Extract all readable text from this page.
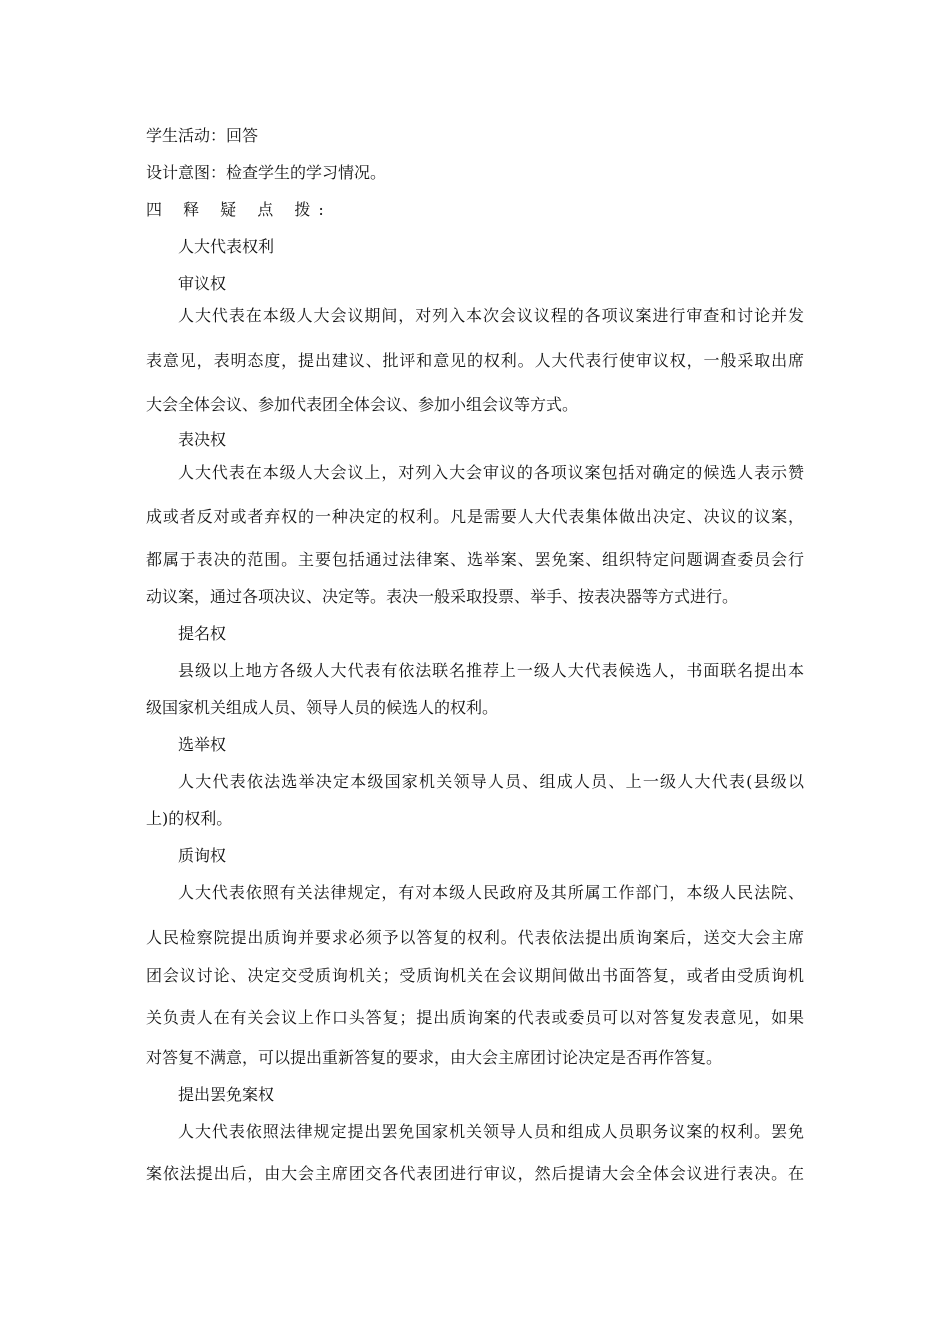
学生活动：回答
设计意图：检查学生的学习情况。
四 释 疑 点 拨:
人大代表权利
审议权
人大代表在本级人大会议期间，对列入本次会议议程的各项议案进行审查和讨论并发
表意见，表明态度，提出建议、批评和意见的权利。人大代表行使审议权，一般采取出席
大会全体会议、参加代表团全体会议、参加小组会议等方式。
表决权
人大代表在本级人大会议上，对列入大会审议的各项议案包括对确定的候选人表示赞
成或者反对或者弃权的一种决定的权利。凡是需要人大代表集体做出决定、决议的议案，
都属于表决的范围。主要包括通过法律案、选举案、罢免案、组织特定问题调查委员会行
动议案，通过各项决议、决定等。表决一般采取投票、举手、按表决器等方式进行。
提名权
县级以上地方各级人大代表有依法联名推荐上一级人大代表候选人，书面联名提出本
级国家机关组成人员、领导人员的候选人的权利。
选举权
人大代表依法选举决定本级国家机关领导人员、组成人员、上一级人大代表(县级以
上)的权利。
质询权
人大代表依照有关法律规定，有对本级人民政府及其所属工作部门，本级人民法院、
人民检察院提出质询并要求必须予以答复的权利。代表依法提出质询案后，送交大会主席
团会议讨论、决定交受质询机关；受质询机关在会议期间做出书面答复，或者由受质询机
关负责人在有关会议上作口头答复；提出质询案的代表或委员可以对答复发表意见，如果
对答复不满意，可以提出重新答复的要求，由大会主席团讨论决定是否再作答复。
提出罢免案权
人大代表依照法律规定提出罢免国家机关领导人员和组成人员职务议案的权利。罢免
案依法提出后，由大会主席团交各代表团进行审议，然后提请大会全体会议进行表决。在
